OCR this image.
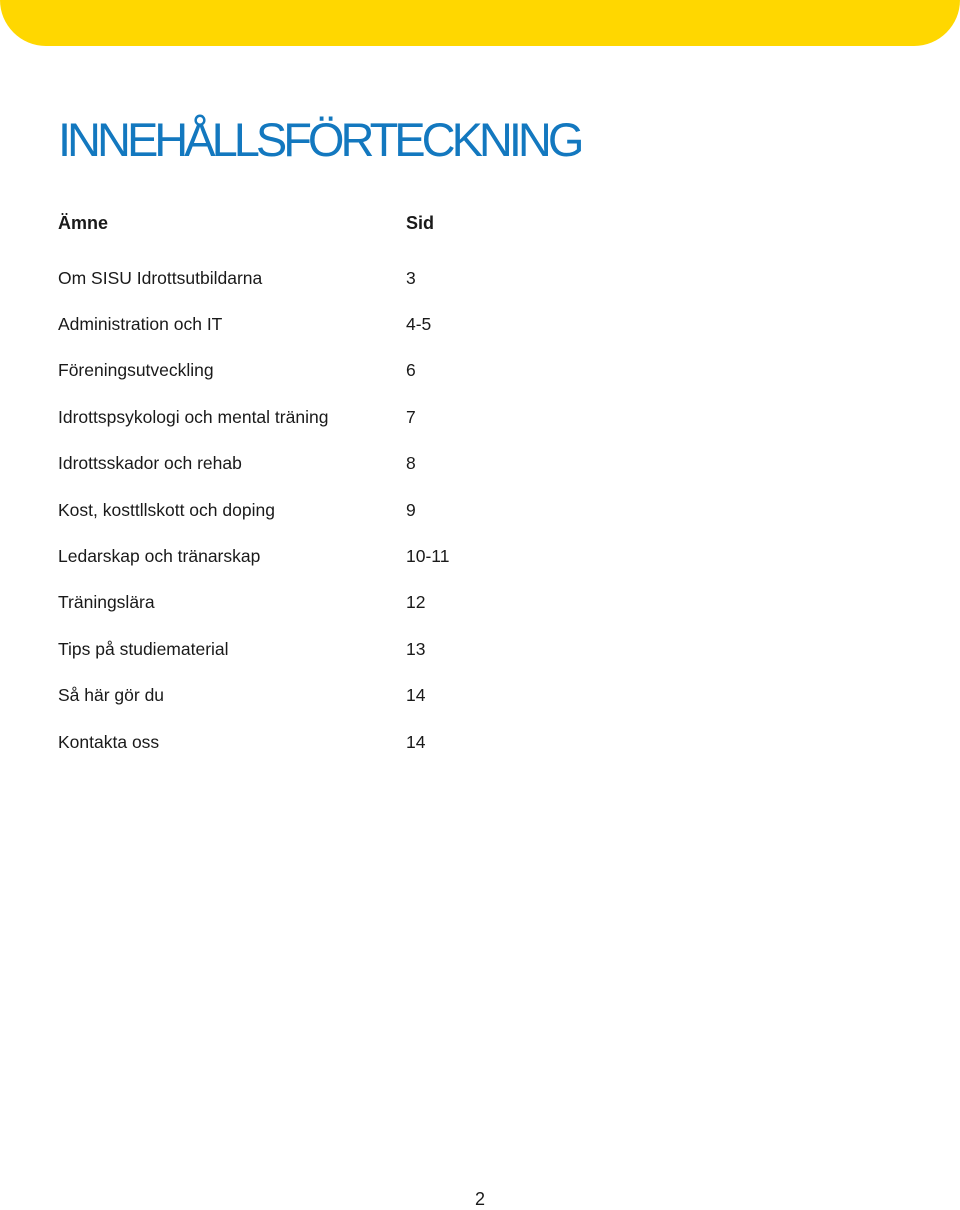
INNEHÅLLSFÖRTECKNING
Ämne	Sid
Om SISU Idrottsutbildarna	3
Administration och IT	4-5
Föreningsutveckling	6
Idrottspsykologi och mental träning	7
Idrottsskador och rehab	8
Kost, kosttllskott och doping	9
Ledarskap och tränarskap	10-11
Träningslära	12
Tips på studiematerial	13
Så här gör du	14
Kontakta oss	14
2
